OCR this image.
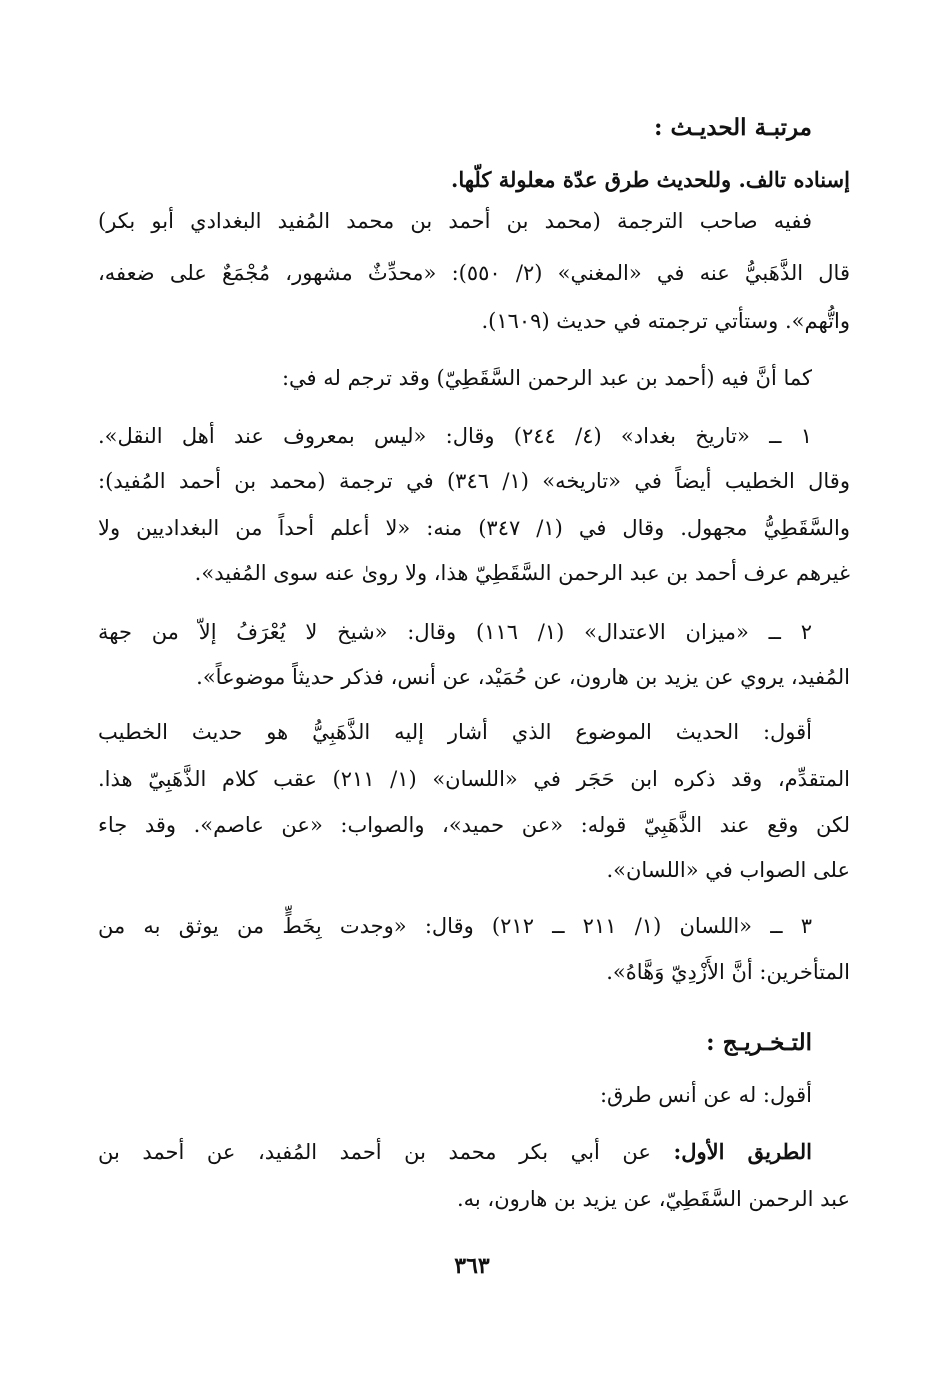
مرتبـة الحديـث :
إسناده تالف. وللحديث طرق عدّة معلولة كلّها.
ففيه صاحب الترجمة (محمد بن أحمد بن محمد المُفيد البغدادي أبو بكر)
قال الذَّهَبيُّ عنه في «المغني» (٢/ ٥٥٠): «محدِّثٌ مشهور، مُجْمَعٌ على ضعفه،
واتُّهم». وستأتي ترجمته في حديث (١٦٠٩).
كما أنَّ فيه (أحمد بن عبد الرحمن السَّقَطِيّ) وقد ترجم له في:
١ ــ «تاريخ بغداد» (٤/ ٢٤٤) وقال: «ليس بمعروف عند أهل النقل».
وقال الخطيب أيضاً في «تاريخه» (١/ ٣٤٦) في ترجمة (محمد بن أحمد المُفيد):
والسَّقَطِيُّ مجهول. وقال في (١/ ٣٤٧) منه: «لا أعلم أحداً من البغداديين ولا
غيرهم عرف أحمد بن عبد الرحمن السَّقَطِيّ هذا، ولا روىٰ عنه سوى المُفيد».
٢ ــ «ميزان الاعتدال» (١/ ١١٦) وقال: «شيخ لا يُعْرَفُ إلاّ من جهة
المُفيد، يروي عن يزيد بن هارون، عن حُمَيْد، عن أنس، فذكر حديثاً موضوعاً».
أقول: الحديث الموضوع الذي أشار إليه الذَّهَبِيُّ هو حديث الخطيب
المتقدِّم، وقد ذكره ابن حَجَر في «اللسان» (١/ ٢١١) عقب كلام الذَّهَبِيّ هذا.
لكن وقع عند الذَّهَبِيّ قوله: «عن حميد»، والصواب: «عن عاصم». وقد جاء
على الصواب في «اللسان».
٣ ــ «اللسان (١/ ٢١١ ــ ٢١٢) وقال: «وجدت بِخَطٍّ من يوثق به من
المتأخرين: أنَّ الأَزْدِيّ وَهَّاهُ».
التـخـريـج :
أقول: له عن أنس طرق:
الطريق الأول: عن أبي بكر محمد بن أحمد المُفيد، عن أحمد بن
عبد الرحمن السَّقَطِيّ، عن يزيد بن هارون، به.
٣٦٣
